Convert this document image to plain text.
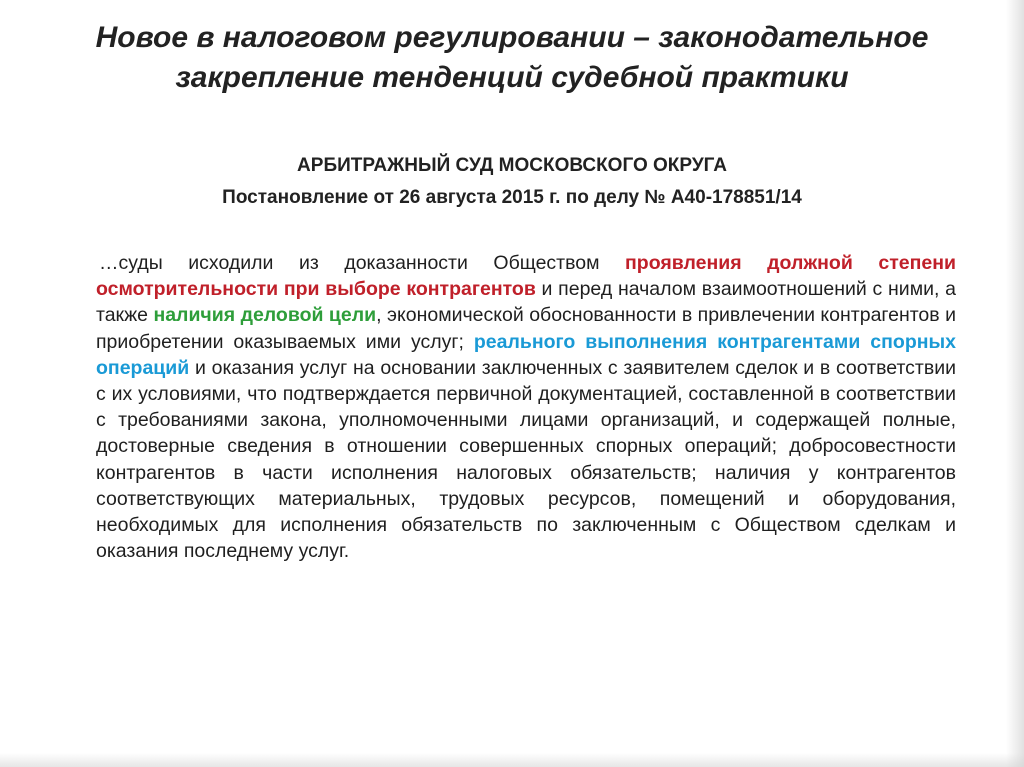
Новое в налоговом регулировании – законодательное
закрепление тенденций судебной практики
АРБИТРАЖНЫЙ СУД МОСКОВСКОГО ОКРУГА
Постановление от 26 августа 2015 г. по делу № А40-178851/14

…суды исходили из доказанности Обществом проявления должной степени осмотрительности при выборе контрагентов и перед началом взаимоотношений с ними, а также наличия деловой цели, экономической обоснованности в привлечении контрагентов и приобретении оказываемых ими услуг; реального выполнения контрагентами спорных операций и оказания услуг на основании заключенных с заявителем сделок и в соответствии с их условиями, что подтверждается первичной документацией, составленной в соответствии с требованиями закона, уполномоченными лицами организаций, и содержащей полные, достоверные сведения в отношении совершенных спорных операций; добросовестности контрагентов в части исполнения налоговых обязательств; наличия у контрагентов соответствующих материальных, трудовых ресурсов, помещений и оборудования, необходимых для исполнения обязательств по заключенным с Обществом сделкам и оказания последнему услуг.
